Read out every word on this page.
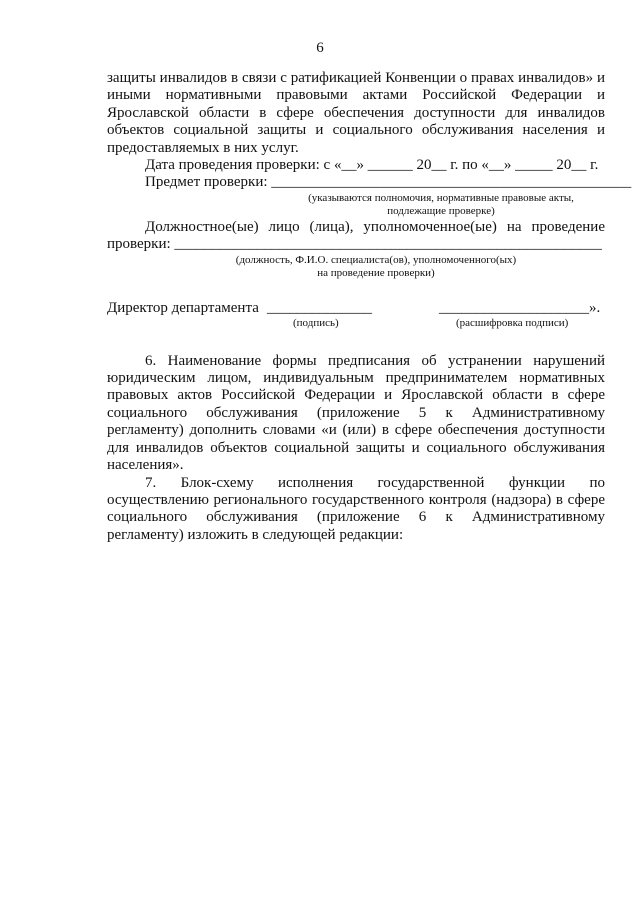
6

защиты инвалидов в связи с ратификацией Конвенции о правах инвалидов» и иными нормативными правовыми актами Российской Федерации и Ярославской области в сфере обеспечения доступности для инвалидов объектов социальной защиты и социального обслуживания населения и предоставляемых в них услуг.

Дата проведения проверки: с «__» ______ 20__ г. по «__» _____ 20__ г.

Предмет проверки: ________________________________________________

(указываются полномочия, нормативные правовые акты,

подлежащие проверке)

Должностное(ые) лицо (лица), уполномоченное(ые) на проведение

проверки: _________________________________________________________

(должность, Ф.И.О. специалиста(ов), уполномоченного(ых)

на проведение проверки)

Директор департамента ______________	____________________».
(подпись)	(расшифровка подписи)

6. Наименование формы предписания об устранении нарушений юридическим лицом, индивидуальным предпринимателем нормативных правовых актов Российской Федерации и Ярославской области в сфере социального обслуживания (приложение 5 к Административному регламенту) дополнить словами «и (или) в сфере обеспечения доступности для инвалидов объектов социальной защиты и социального обслуживания населения».

7. Блок-схему исполнения государственной функции по осуществлению регионального государственного контроля (надзора) в сфере социального обслуживания (приложение 6 к Административному регламенту) изложить в следующей редакции:
